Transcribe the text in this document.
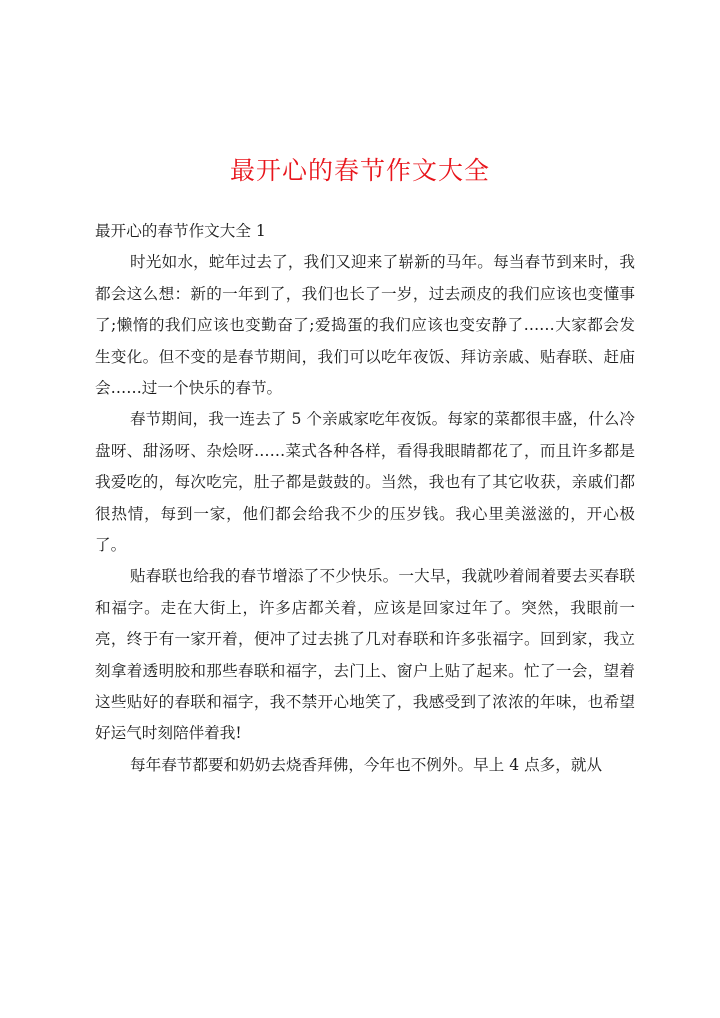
最开心的春节作文大全

最开心的春节作文大全 1

时光如水，蛇年过去了，我们又迎来了崭新的马年。每当春节到来时，我都会这么想：新的一年到了，我们也长了一岁，过去顽皮的我们应该也变懂事了;懒惰的我们应该也变勤奋了;爱捣蛋的我们应该也变安静了……大家都会发生变化。但不变的是春节期间，我们可以吃年夜饭、拜访亲戚、贴春联、赶庙会……过一个快乐的春节。

春节期间，我一连去了 5 个亲戚家吃年夜饭。每家的菜都很丰盛，什么冷盘呀、甜汤呀、杂烩呀……菜式各种各样，看得我眼睛都花了，而且许多都是我爱吃的，每次吃完，肚子都是鼓鼓的。当然，我也有了其它收获，亲戚们都很热情，每到一家，他们都会给我不少的压岁钱。我心里美滋滋的，开心极了。

贴春联也给我的春节增添了不少快乐。一大早，我就吵着闹着要去买春联和福字。走在大街上，许多店都关着，应该是回家过年了。突然，我眼前一亮，终于有一家开着，便冲了过去挑了几对春联和许多张福字。回到家，我立刻拿着透明胶和那些春联和福字，去门上、窗户上贴了起来。忙了一会，望着这些贴好的春联和福字，我不禁开心地笑了，我感受到了浓浓的年味，也希望好运气时刻陪伴着我!

每年春节都要和奶奶去烧香拜佛，今年也不例外。早上 4 点多，就从
